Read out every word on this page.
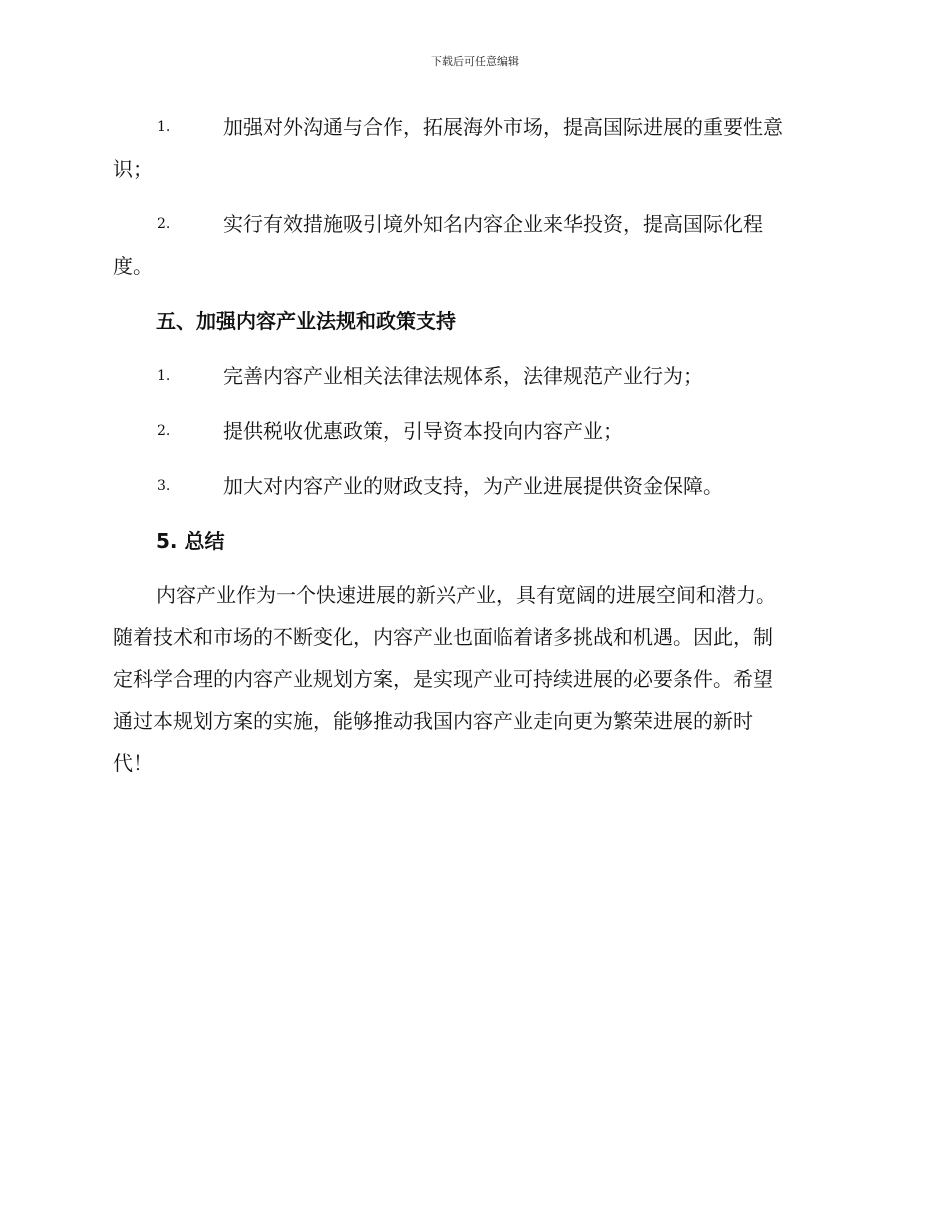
下载后可任意编辑
1.	加强对外沟通与合作，拓展海外市场，提高国际进展的重要性意
识；
2.	实行有效措施吸引境外知名内容企业来华投资，提高国际化程
度。
五、加强内容产业法规和政策支持
1.	完善内容产业相关法律法规体系，法律规范产业行为；
2.	提供税收优惠政策，引导资本投向内容产业；
3.	加大对内容产业的财政支持，为产业进展提供资金保障。
5. 总结
内容产业作为一个快速进展的新兴产业，具有宽阔的进展空间和潜力。
随着技术和市场的不断变化，内容产业也面临着诸多挑战和机遇。因此，制
定科学合理的内容产业规划方案，是实现产业可持续进展的必要条件。希望
通过本规划方案的实施，能够推动我国内容产业走向更为繁荣进展的新时
代！
